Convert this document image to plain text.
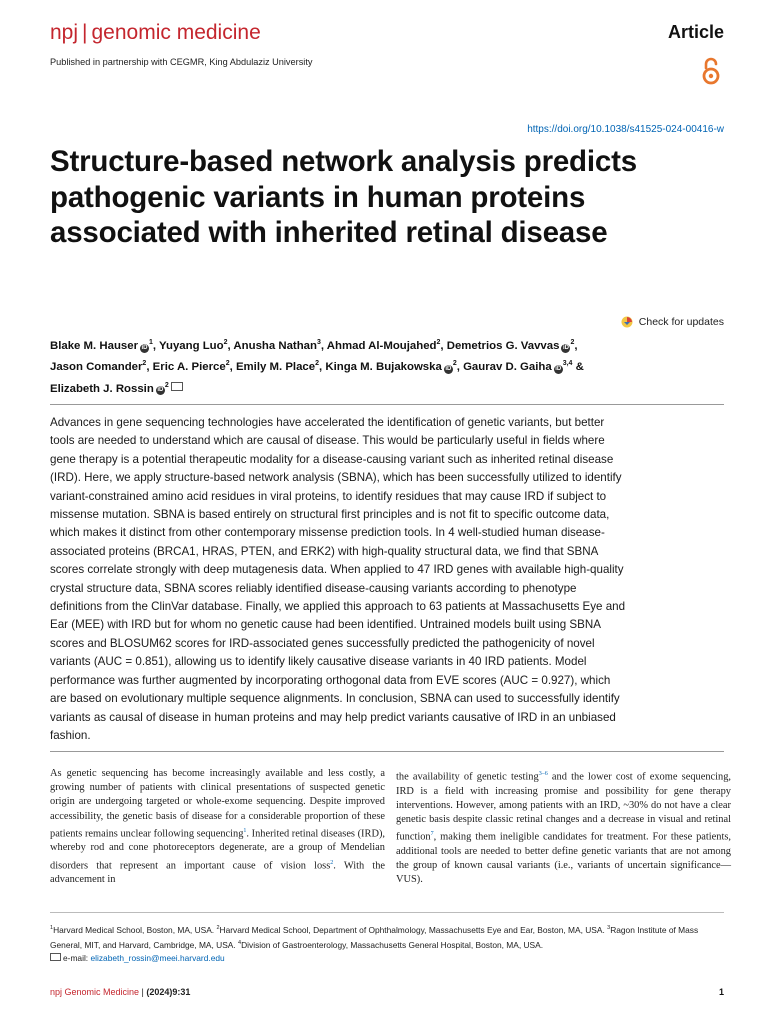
npj | genomic medicine	Article
Published in partnership with CEGMR, King Abdulaziz University
https://doi.org/10.1038/s41525-024-00416-w
Structure-based network analysis predicts pathogenic variants in human proteins associated with inherited retinal disease
Check for updates
Blake M. Hauser $iD^1$, Yuyang Luo$^2$, Anusha Nathan$^3$, Ahmad Al-Moujahed$^2$, Demetrios G. Vavvas $iD^2$,
Jason Comander$^2$, Eric A. Pierce$^2$, Emily M. Place$^2$, Kinga M. Bujakowska $iD^2$, Gaurav D. Gaiha iD$^{3,4}$ &
Elizabeth J. Rossin $iD^2$
Advances in gene sequencing technologies have accelerated the identification of genetic variants, but better tools are needed to understand which are causal of disease. This would be particularly useful in fields where gene therapy is a potential therapeutic modality for a disease-causing variant such as inherited retinal disease (IRD). Here, we apply structure-based network analysis (SBNA), which has been successfully utilized to identify variant-constrained amino acid residues in viral proteins, to identify residues that may cause IRD if subject to missense mutation. SBNA is based entirely on structural first principles and is not fit to specific outcome data, which makes it distinct from other contemporary missense prediction tools. In 4 well-studied human disease-associated proteins (BRCA1, HRAS, PTEN, and ERK2) with high-quality structural data, we find that SBNA scores correlate strongly with deep mutagenesis data. When applied to 47 IRD genes with available high-quality crystal structure data, SBNA scores reliably identified disease-causing variants according to phenotype definitions from the ClinVar database. Finally, we applied this approach to 63 patients at Massachusetts Eye and Ear (MEE) with IRD but for whom no genetic cause had been identified. Untrained models built using SBNA scores and BLOSUM62 scores for IRD-associated genes successfully predicted the pathogenicity of novel variants (AUC = 0.851), allowing us to identify likely causative disease variants in 40 IRD patients. Model performance was further augmented by incorporating orthogonal data from EVE scores (AUC = 0.927), which are based on evolutionary multiple sequence alignments. In conclusion, SBNA can used to successfully identify variants as causal of disease in human proteins and may help predict variants causative of IRD in an unbiased fashion.
As genetic sequencing has become increasingly available and less costly, a growing number of patients with clinical presentations of suspected genetic origin are undergoing targeted or whole-exome sequencing. Despite improved accessibility, the genetic basis of disease for a considerable proportion of these patients remains unclear following sequencing$^1$. Inherited retinal diseases (IRD), whereby rod and cone photoreceptors degenerate, are a group of Mendelian disorders that represent an important cause of vision loss$^2$. With the advancement in
the availability of genetic testing$^{3-6}$ and the lower cost of exome sequencing, IRD is a field with increasing promise and possibility for gene therapy interventions. However, among patients with an IRD, ~30% do not have a clear genetic basis despite classic retinal changes and a decrease in visual and retinal function$^7$, making them ineligible candidates for treatment. For these patients, additional tools are needed to better define genetic variants that are not among the group of known causal variants (i.e., variants of uncertain significance—VUS).
$^1$Harvard Medical School, Boston, MA, USA. $^2$Harvard Medical School, Department of Ophthalmology, Massachusetts Eye and Ear, Boston, MA, USA. $^3$Ragon Institute of Mass General, MIT, and Harvard, Cambridge, MA, USA. $^4$Division of Gastroenterology, Massachusetts General Hospital, Boston, MA, USA.
e-mail: elizabeth_rossin@meei.harvard.edu
npj Genomic Medicine | (2024)9:31	1
